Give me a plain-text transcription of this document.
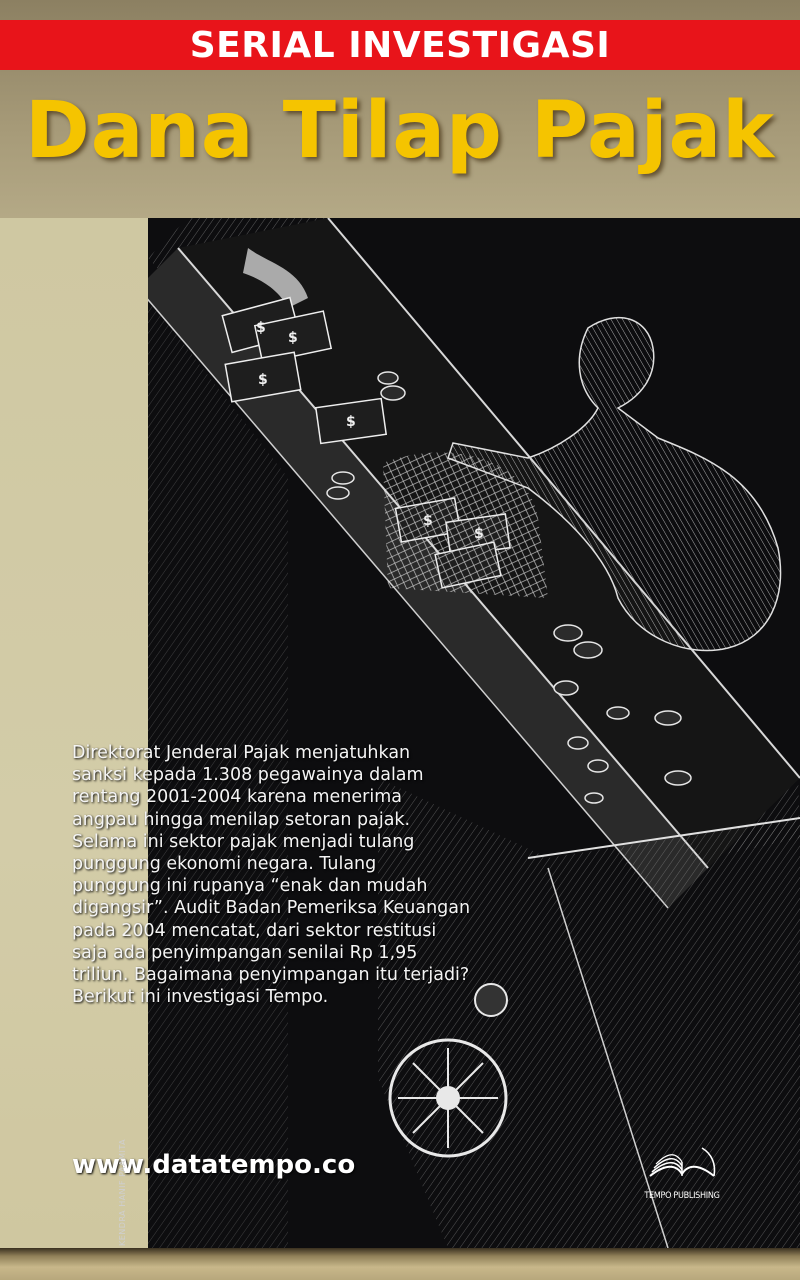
SERIAL INVESTIGASI
Dana Tilap Pajak
$
$
$
$
Direktorat Jenderal Pajak menjatuhkan
sanksi kepada 1.308 pegawainya dalam
rentang 2001-2004 karena menerima
angpau hingga menilap setoran pajak.
Selama ini sektor pajak menjadi tulang
punggung ekonomi negara. Tulang
punggung ini rupanya “enak dan mudah
digangsir”. Audit Badan Pemeriksa Keuangan
pada 2004 mencatat, dari sektor restitusi
saja ada penyimpangan senilai Rp 1,95
triliun. Bagaimana penyimpangan itu terjadi?
Berikut ini investigasi Tempo.
www.datatempo.co
KENDRA HANIF PAAMITA	TEMPO PUBLISHING
